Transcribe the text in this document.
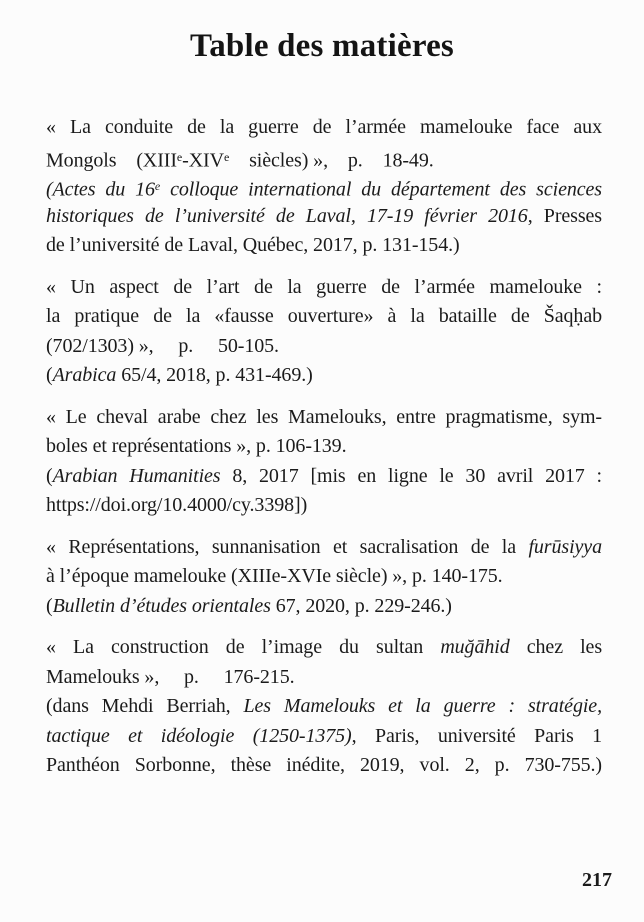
Table des matières
« La conduite de la guerre de l’armée mamelouke face aux
Mongols (XIIIe-XIVe siècles) », p. 18-49.
(Actes du 16e colloque international du département des sciences
historiques de l’université de Laval, 17-19 février 2016, Presses
de l’université de Laval, Québec, 2017, p. 131-154.)
« Un aspect de l’art de la guerre de l’armée mamelouke :
la pratique de la «fausse ouverture» à la bataille de Šaqḥab
(702/1303) »,  p.  50-105.
(Arabica 65/4, 2018, p. 431-469.)
« Le cheval arabe chez les Mamelouks, entre pragmatisme, sym-
boles et représentations », p. 106-139.
(Arabian Humanities 8, 2017 [mis en ligne le 30 avril 2017 :
https://doi.org/10.4000/cy.3398])
« Représentations, sunnanisation et sacralisation de la furūsiyya
à l’époque mamelouke (XIIIe-XVIe siècle) », p. 140-175.
(Bulletin d’études orientales 67, 2020, p. 229-246.)
« La construction de l’image du sultan muğāhid chez les
Mamelouks »,  p.  176-215.
(dans Mehdi Berriah, Les Mamelouks et la guerre : stratégie,
tactique et idéologie (1250-1375), Paris, université Paris 1
Panthéon Sorbonne, thèse inédite, 2019, vol. 2, p. 730-755.)
217
